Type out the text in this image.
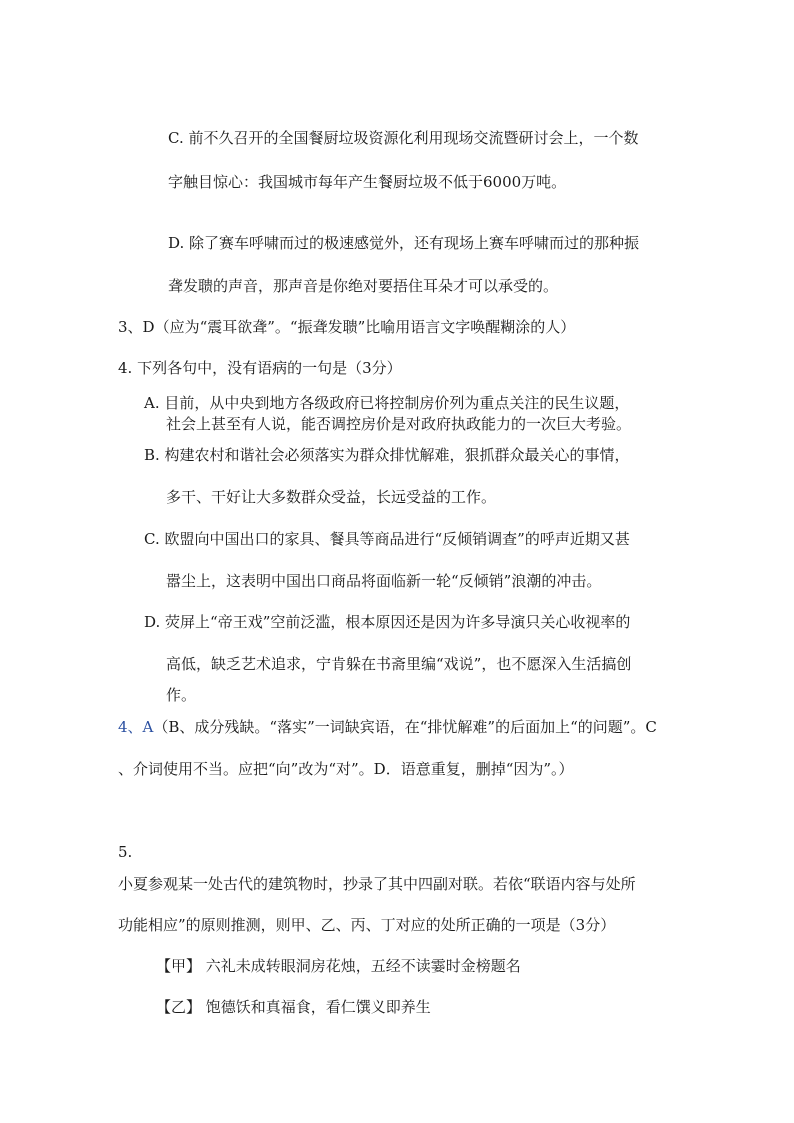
C. 前不久召开的全国餐厨垃圾资源化利用现场交流暨研讨会上，一个数
字触目惊心：我国城市每年产生餐厨垃圾不低于6000万吨。
D. 除了赛车呼啸而过的极速感觉外，还有现场上赛车呼啸而过的那种振
聋发聩的声音，那声音是你绝对要捂住耳朵才可以承受的。
3、D（应为“震耳欲聋”。“振聋发聩”比喻用语言文字唤醒糊涂的人）
4. 下列各句中，没有语病的一句是（3分）
A. 目前，从中央到地方各级政府已将控制房价列为重点关注的民生议题，
社会上甚至有人说，能否调控房价是对政府执政能力的一次巨大考验。
B. 构建农村和谐社会必须落实为群众排忧解难，狠抓群众最关心的事情，
多干、干好让大多数群众受益，长远受益的工作。
C. 欧盟向中国出口的家具、餐具等商品进行“反倾销调查”的呼声近期又甚
嚣尘上，这表明中国出口商品将面临新一轮“反倾销”浪潮的冲击。
D. 荧屏上“帝王戏”空前泛滥，根本原因还是因为许多导演只关心收视率的
高低，缺乏艺术追求，宁肯躲在书斋里编“戏说”，也不愿深入生活搞创
作。
4、A（B、成分残缺。“落实”一词缺宾语，在“排忧解难”的后面加上“的问题”。C
、介词使用不当。应把“向”改为“对”。D．语意重复，删掉“因为”。）
5.
小夏参观某一处古代的建筑物时，抄录了其中四副对联。若依“联语内容与处所
功能相应”的原则推测，则甲、乙、丙、丁对应的处所正确的一项是（3分）
【甲】 六礼未成转眼洞房花烛，五经不读霎时金榜题名
【乙】 饱德饫和真福食，看仁馔义即养生
